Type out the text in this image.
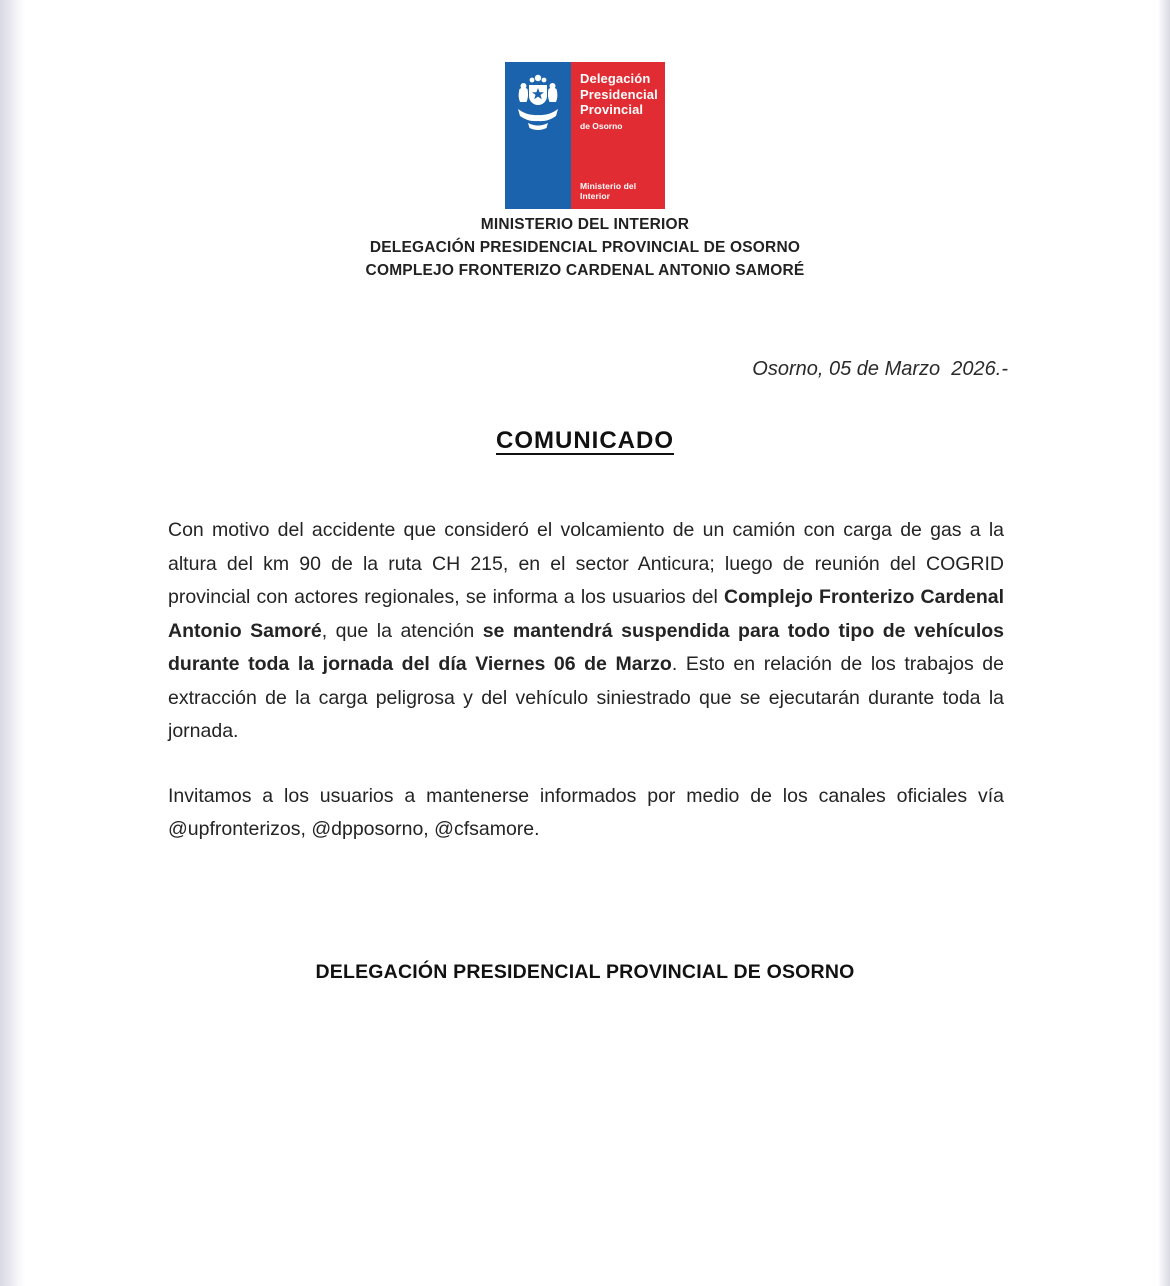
Delegación
Presidencial
Provincial
de Osorno
Ministerio del Interior
MINISTERIO DEL INTERIOR
DELEGACIÓN PRESIDENCIAL PROVINCIAL DE OSORNO
COMPLEJO FRONTERIZO CARDENAL ANTONIO SAMORÉ
Osorno, 05 de Marzo  2026.-
COMUNICADO

Con motivo del accidente que consideró el volcamiento de un camión con carga de gas a la altura del km 90 de la ruta CH 215, en el sector Anticura; luego de reunión del COGRID provincial con actores regionales, se informa a los usuarios del Complejo Fronterizo Cardenal Antonio Samoré, que la atención se mantendrá suspendida para todo tipo de vehículos durante toda la jornada del día Viernes 06 de Marzo. Esto en relación de los trabajos de extracción de la carga peligrosa y del vehículo siniestrado que se ejecutarán durante toda la jornada.

Invitamos a los usuarios a mantenerse informados por medio de los canales oficiales vía @upfronterizos, @dpposorno, @cfsamore.

DELEGACIÓN PRESIDENCIAL PROVINCIAL DE OSORNO
